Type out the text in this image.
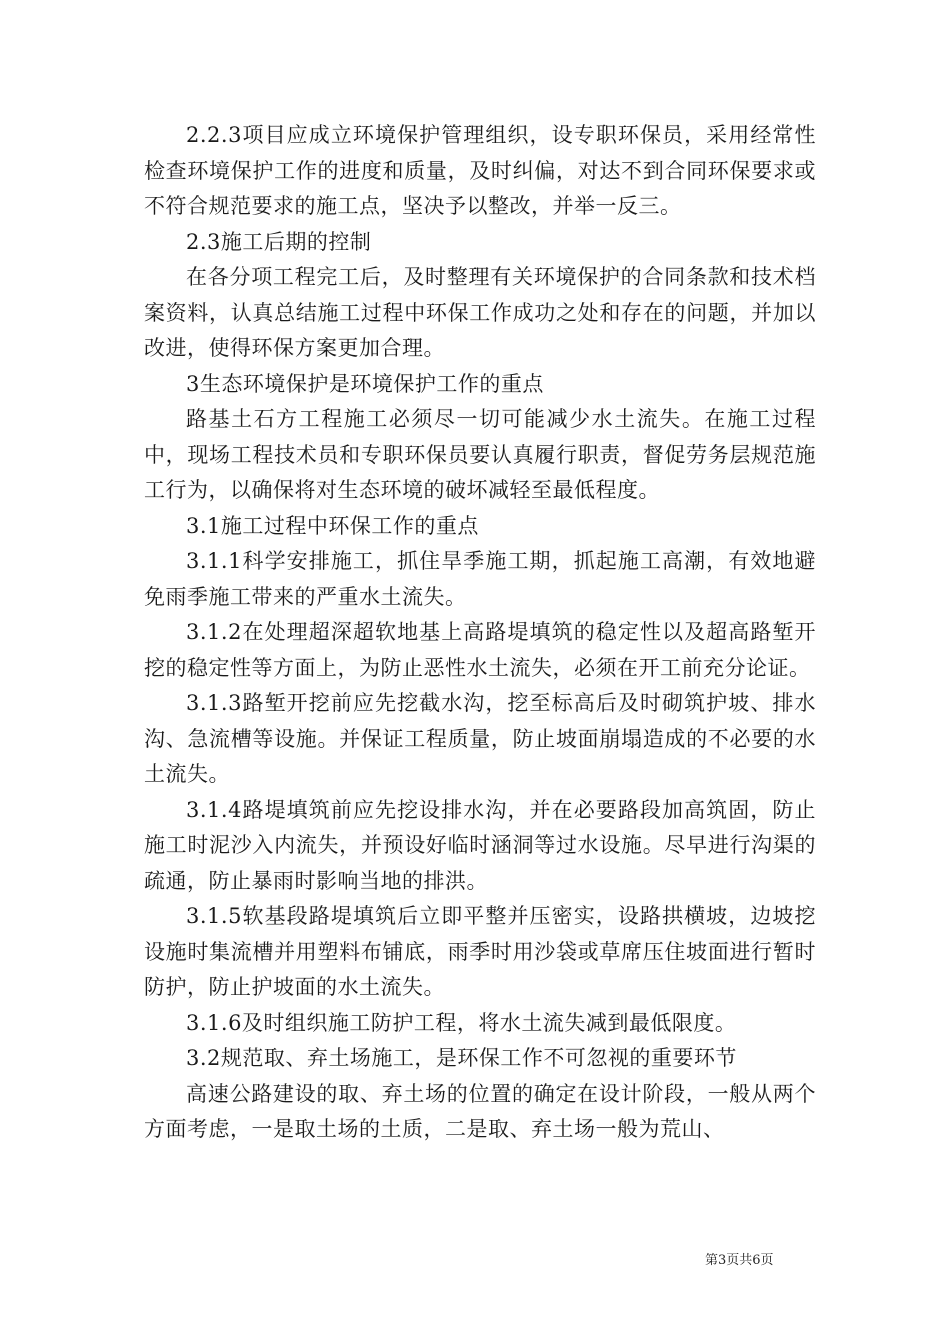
2.2.3项目应成立环境保护管理组织，设专职环保员，采用经常性检查环境保护工作的进度和质量，及时纠偏，对达不到合同环保要求或不符合规范要求的施工点，坚决予以整改，并举一反三。

2.3施工后期的控制

在各分项工程完工后，及时整理有关环境保护的合同条款和技术档案资料，认真总结施工过程中环保工作成功之处和存在的问题，并加以改进，使得环保方案更加合理。

3生态环境保护是环境保护工作的重点

路基土石方工程施工必须尽一切可能减少水土流失。在施工过程中，现场工程技术员和专职环保员要认真履行职责，督促劳务层规范施工行为，以确保将对生态环境的破坏减轻至最低程度。

3.1施工过程中环保工作的重点

3.1.1科学安排施工，抓住旱季施工期，抓起施工高潮，有效地避免雨季施工带来的严重水土流失。

3.1.2在处理超深超软地基上高路堤填筑的稳定性以及超高路堑开挖的稳定性等方面上，为防止恶性水土流失，必须在开工前充分论证。

3.1.3路堑开挖前应先挖截水沟，挖至标高后及时砌筑护坡、排水沟、急流槽等设施。并保证工程质量，防止坡面崩塌造成的不必要的水土流失。

3.1.4路堤填筑前应先挖设排水沟，并在必要路段加高筑固，防止施工时泥沙入内流失，并预设好临时涵洞等过水设施。尽早进行沟渠的疏通，防止暴雨时影响当地的排洪。

3.1.5软基段路堤填筑后立即平整并压密实，设路拱横坡，边坡挖设施时集流槽并用塑料布铺底，雨季时用沙袋或草席压住坡面进行暂时防护，防止护坡面的水土流失。

3.1.6及时组织施工防护工程，将水土流失减到最低限度。

3.2规范取、弃土场施工，是环保工作不可忽视的重要环节

高速公路建设的取、弃土场的位置的确定在设计阶段，一般从两个方面考虑，一是取土场的土质，二是取、弃土场一般为荒山、

第3页共6页
